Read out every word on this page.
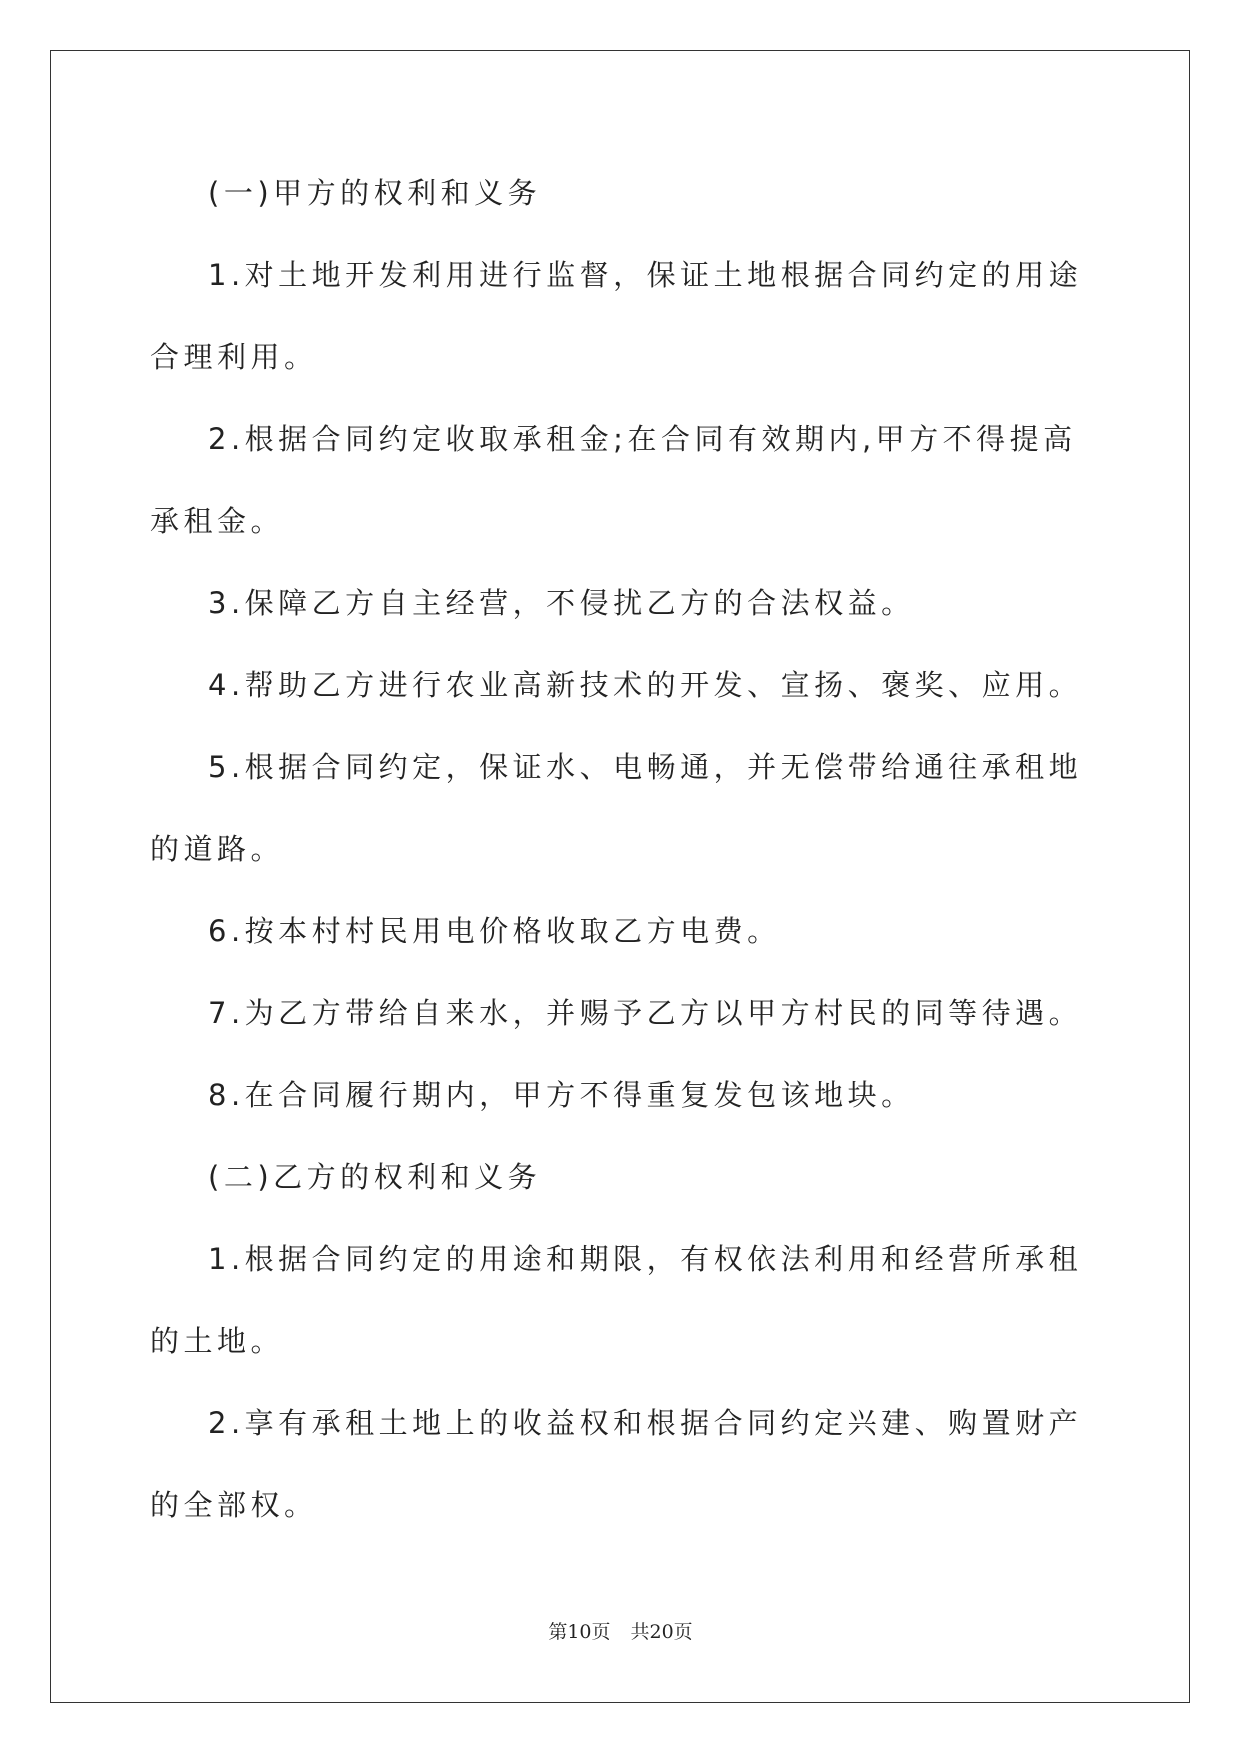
(一)甲方的权利和义务

1.对土地开发利用进行监督，保证土地根据合同约定的用途合理利用。

2.根据合同约定收取承租金;在合同有效期内,甲方不得提高承租金。

3.保障乙方自主经营，不侵扰乙方的合法权益。

4.帮助乙方进行农业高新技术的开发、宣扬、褒奖、应用。

5.根据合同约定，保证水、电畅通，并无偿带给通往承租地的道路。

6.按本村村民用电价格收取乙方电费。

7.为乙方带给自来水，并赐予乙方以甲方村民的同等待遇。

8.在合同履行期内，甲方不得重复发包该地块。

(二)乙方的权利和义务

1.根据合同约定的用途和期限，有权依法利用和经营所承租的土地。

2.享有承租土地上的收益权和根据合同约定兴建、购置财产的全部权。

第10页 共20页
